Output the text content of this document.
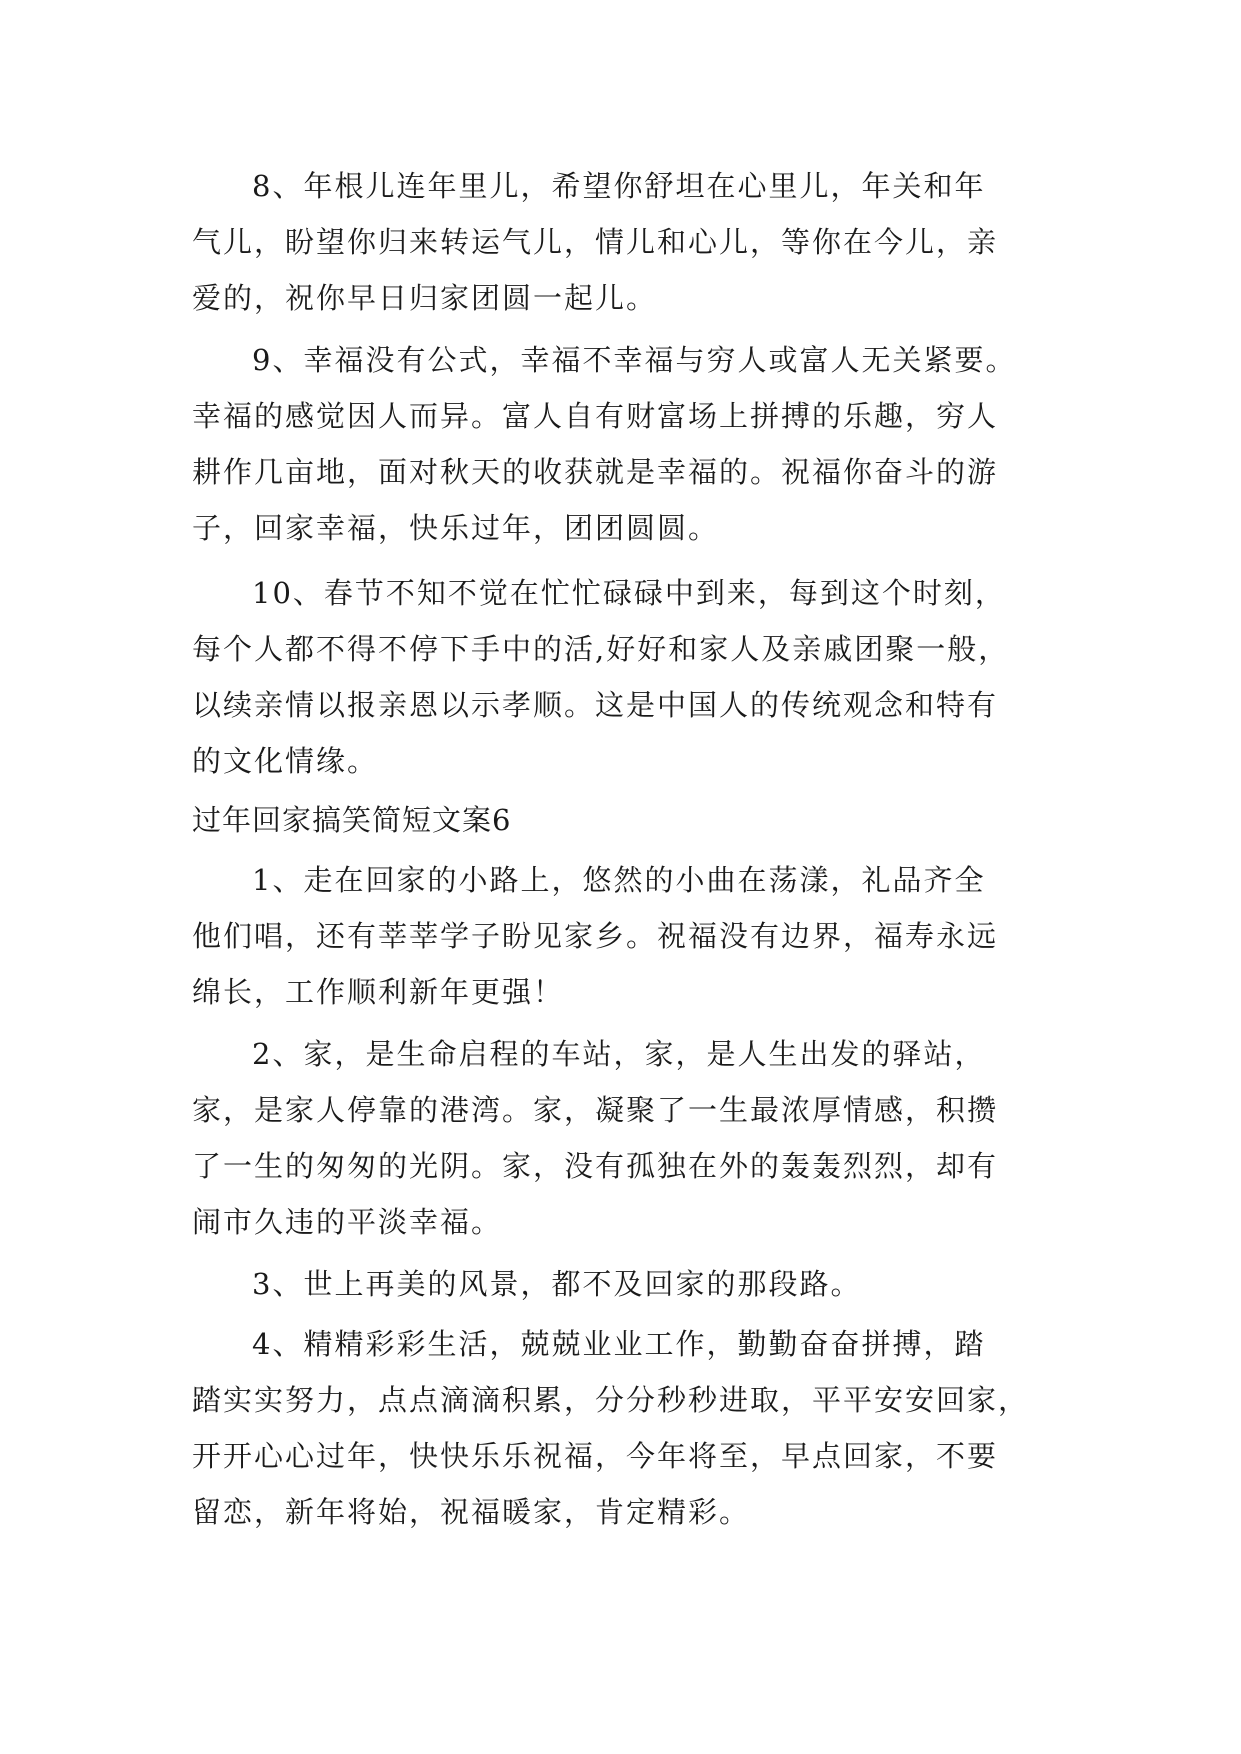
8、年根儿连年里儿，希望你舒坦在心里儿，年关和年
气儿，盼望你归来转运气儿，情儿和心儿，等你在今儿，亲
爱的，祝你早日归家团圆一起儿。
9、幸福没有公式，幸福不幸福与穷人或富人无关紧要。
幸福的感觉因人而异。富人自有财富场上拼搏的乐趣，穷人
耕作几亩地，面对秋天的收获就是幸福的。祝福你奋斗的游
子，回家幸福，快乐过年，团团圆圆。
10、春节不知不觉在忙忙碌碌中到来，每到这个时刻，
每个人都不得不停下手中的活,好好和家人及亲戚团聚一般，
以续亲情以报亲恩以示孝顺。这是中国人的传统观念和特有
的文化情缘。
过年回家搞笑简短文案6
1、走在回家的小路上，悠然的小曲在荡漾，礼品齐全
他们唱，还有莘莘学子盼见家乡。祝福没有边界，福寿永远
绵长，工作顺利新年更强！
2、家，是生命启程的车站，家，是人生出发的驿站，
家，是家人停靠的港湾。家，凝聚了一生最浓厚情感，积攒
了一生的匆匆的光阴。家，没有孤独在外的轰轰烈烈，却有
闹市久违的平淡幸福。
3、世上再美的风景，都不及回家的那段路。
4、精精彩彩生活，兢兢业业工作，勤勤奋奋拼搏，踏
踏实实努力，点点滴滴积累，分分秒秒进取，平平安安回家，
开开心心过年，快快乐乐祝福，今年将至，早点回家，不要
留恋，新年将始，祝福暖家，肯定精彩。
